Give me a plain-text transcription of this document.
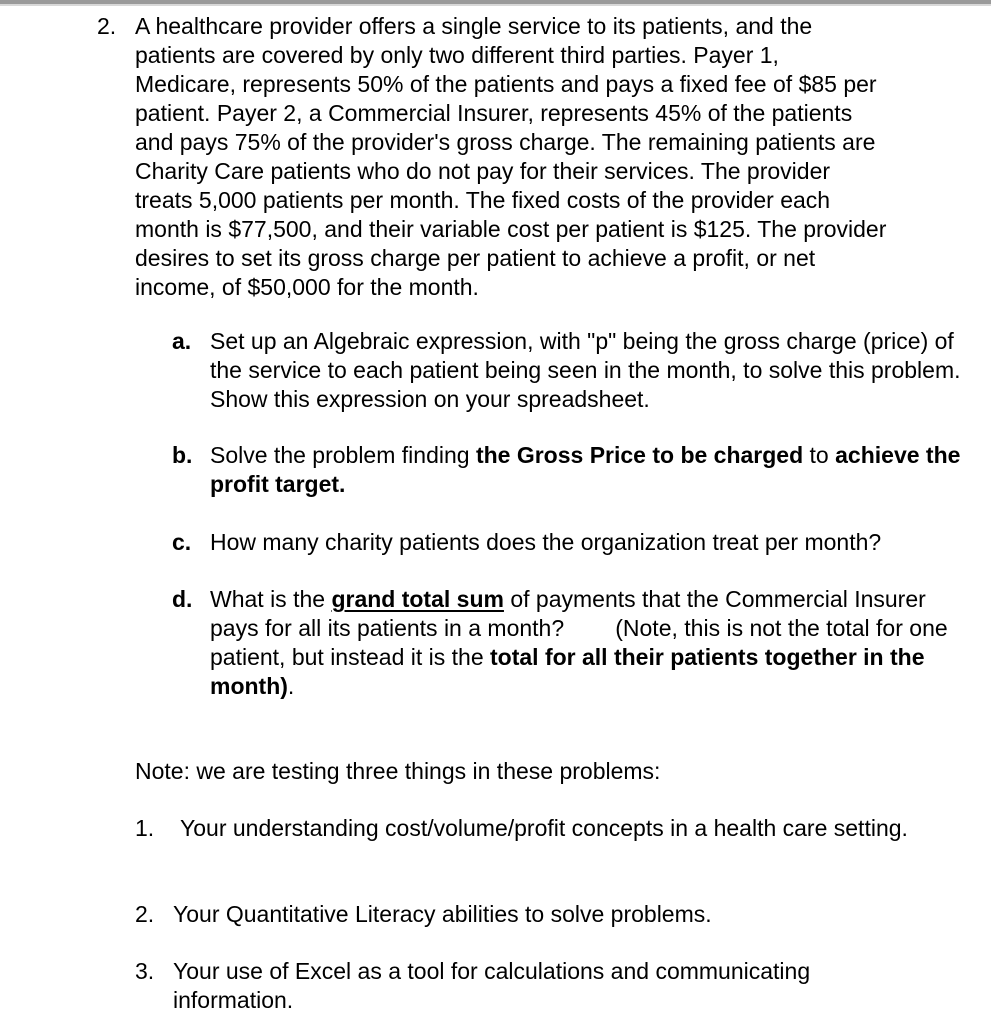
2. A healthcare provider offers a single service to its patients, and the
patients are covered by only two different third parties. Payer 1,
Medicare, represents 50% of the patients and pays a fixed fee of $85 per
patient. Payer 2, a Commercial Insurer, represents 45% of the patients
and pays 75% of the provider's gross charge. The remaining patients are
Charity Care patients who do not pay for their services. The provider
treats 5,000 patients per month. The fixed costs of the provider each
month is $77,500, and their variable cost per patient is $125. The provider
desires to set its gross charge per patient to achieve a profit, or net
income, of $50,000 for the month.
a. Set up an Algebraic expression, with "p" being the gross charge (price) of the service to each patient being seen in the month, to solve this problem. Show this expression on your spreadsheet.
b. Solve the problem finding the Gross Price to be charged to achieve the profit target.
c. How many charity patients does the organization treat per month?
d. What is the grand total sum of payments that the Commercial Insurer pays for all its patients in a month?        (Note, this is not the total for one patient, but instead it is the total for all their patients together in the month).
Note: we are testing three things in these problems:
1.	Your understanding cost/volume/profit concepts in a health care setting.
2. Your Quantitative Literacy abilities to solve problems.
3. Your use of Excel as a tool for calculations and communicating information.
